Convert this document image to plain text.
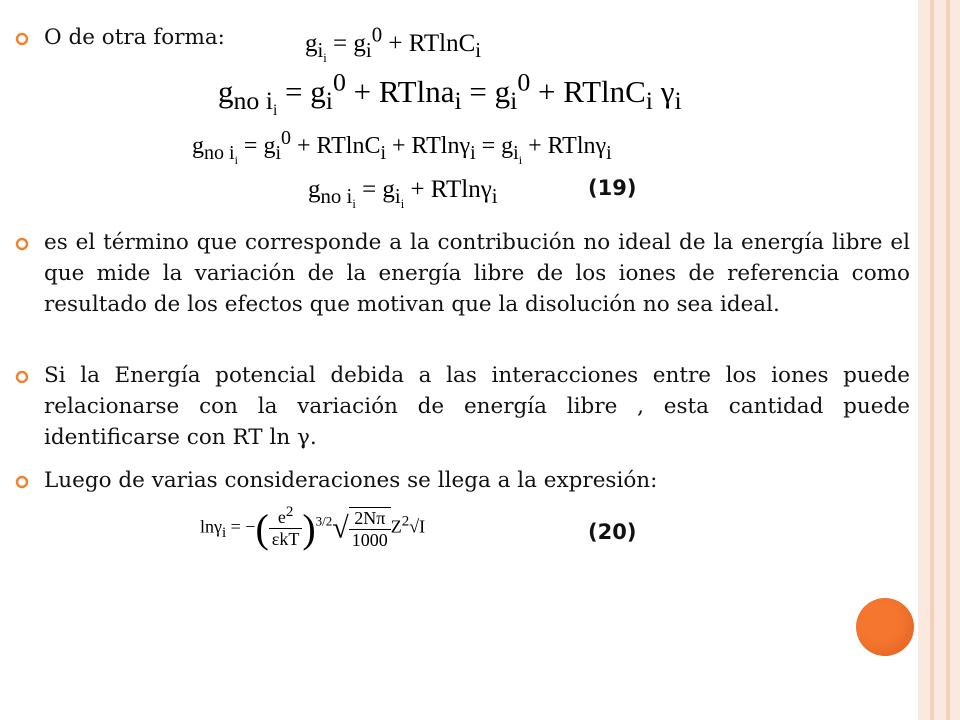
O de otra forma:	$g_{i_i} = g_i^0 + RTlnC_i$
$g_{no i_i} = g_i^0 + RTlna_i = g_i^0 + RTlnC_i$ $\gamma_i$
$g_{no i_i} = g_i^0 + RTlnC_i + RTln\gamma_i = g_{i_i} + RTln\gamma_i$
$g_{no i_i} = g_{i_i} + RTln\gamma_i$	(19)
es el término que corresponde a la contribución no ideal de la energía libre el que mide la variación de la energía libre de los iones de referencia como resultado de los efectos que motivan que la disolución no sea ideal.
Si la Energía potencial debida a las interacciones entre los iones puede relacionarse con la variación de energía libre , esta cantidad puede identificarse con RT ln γ.
Luego de varias consideraciones se llega a la expresión:
lnγ$_i$ = −( $\frac{e^2}{\text{εkT}} )^{3/2}√ \frac{2N\pi}{1000} Z^2√I$	(20)
